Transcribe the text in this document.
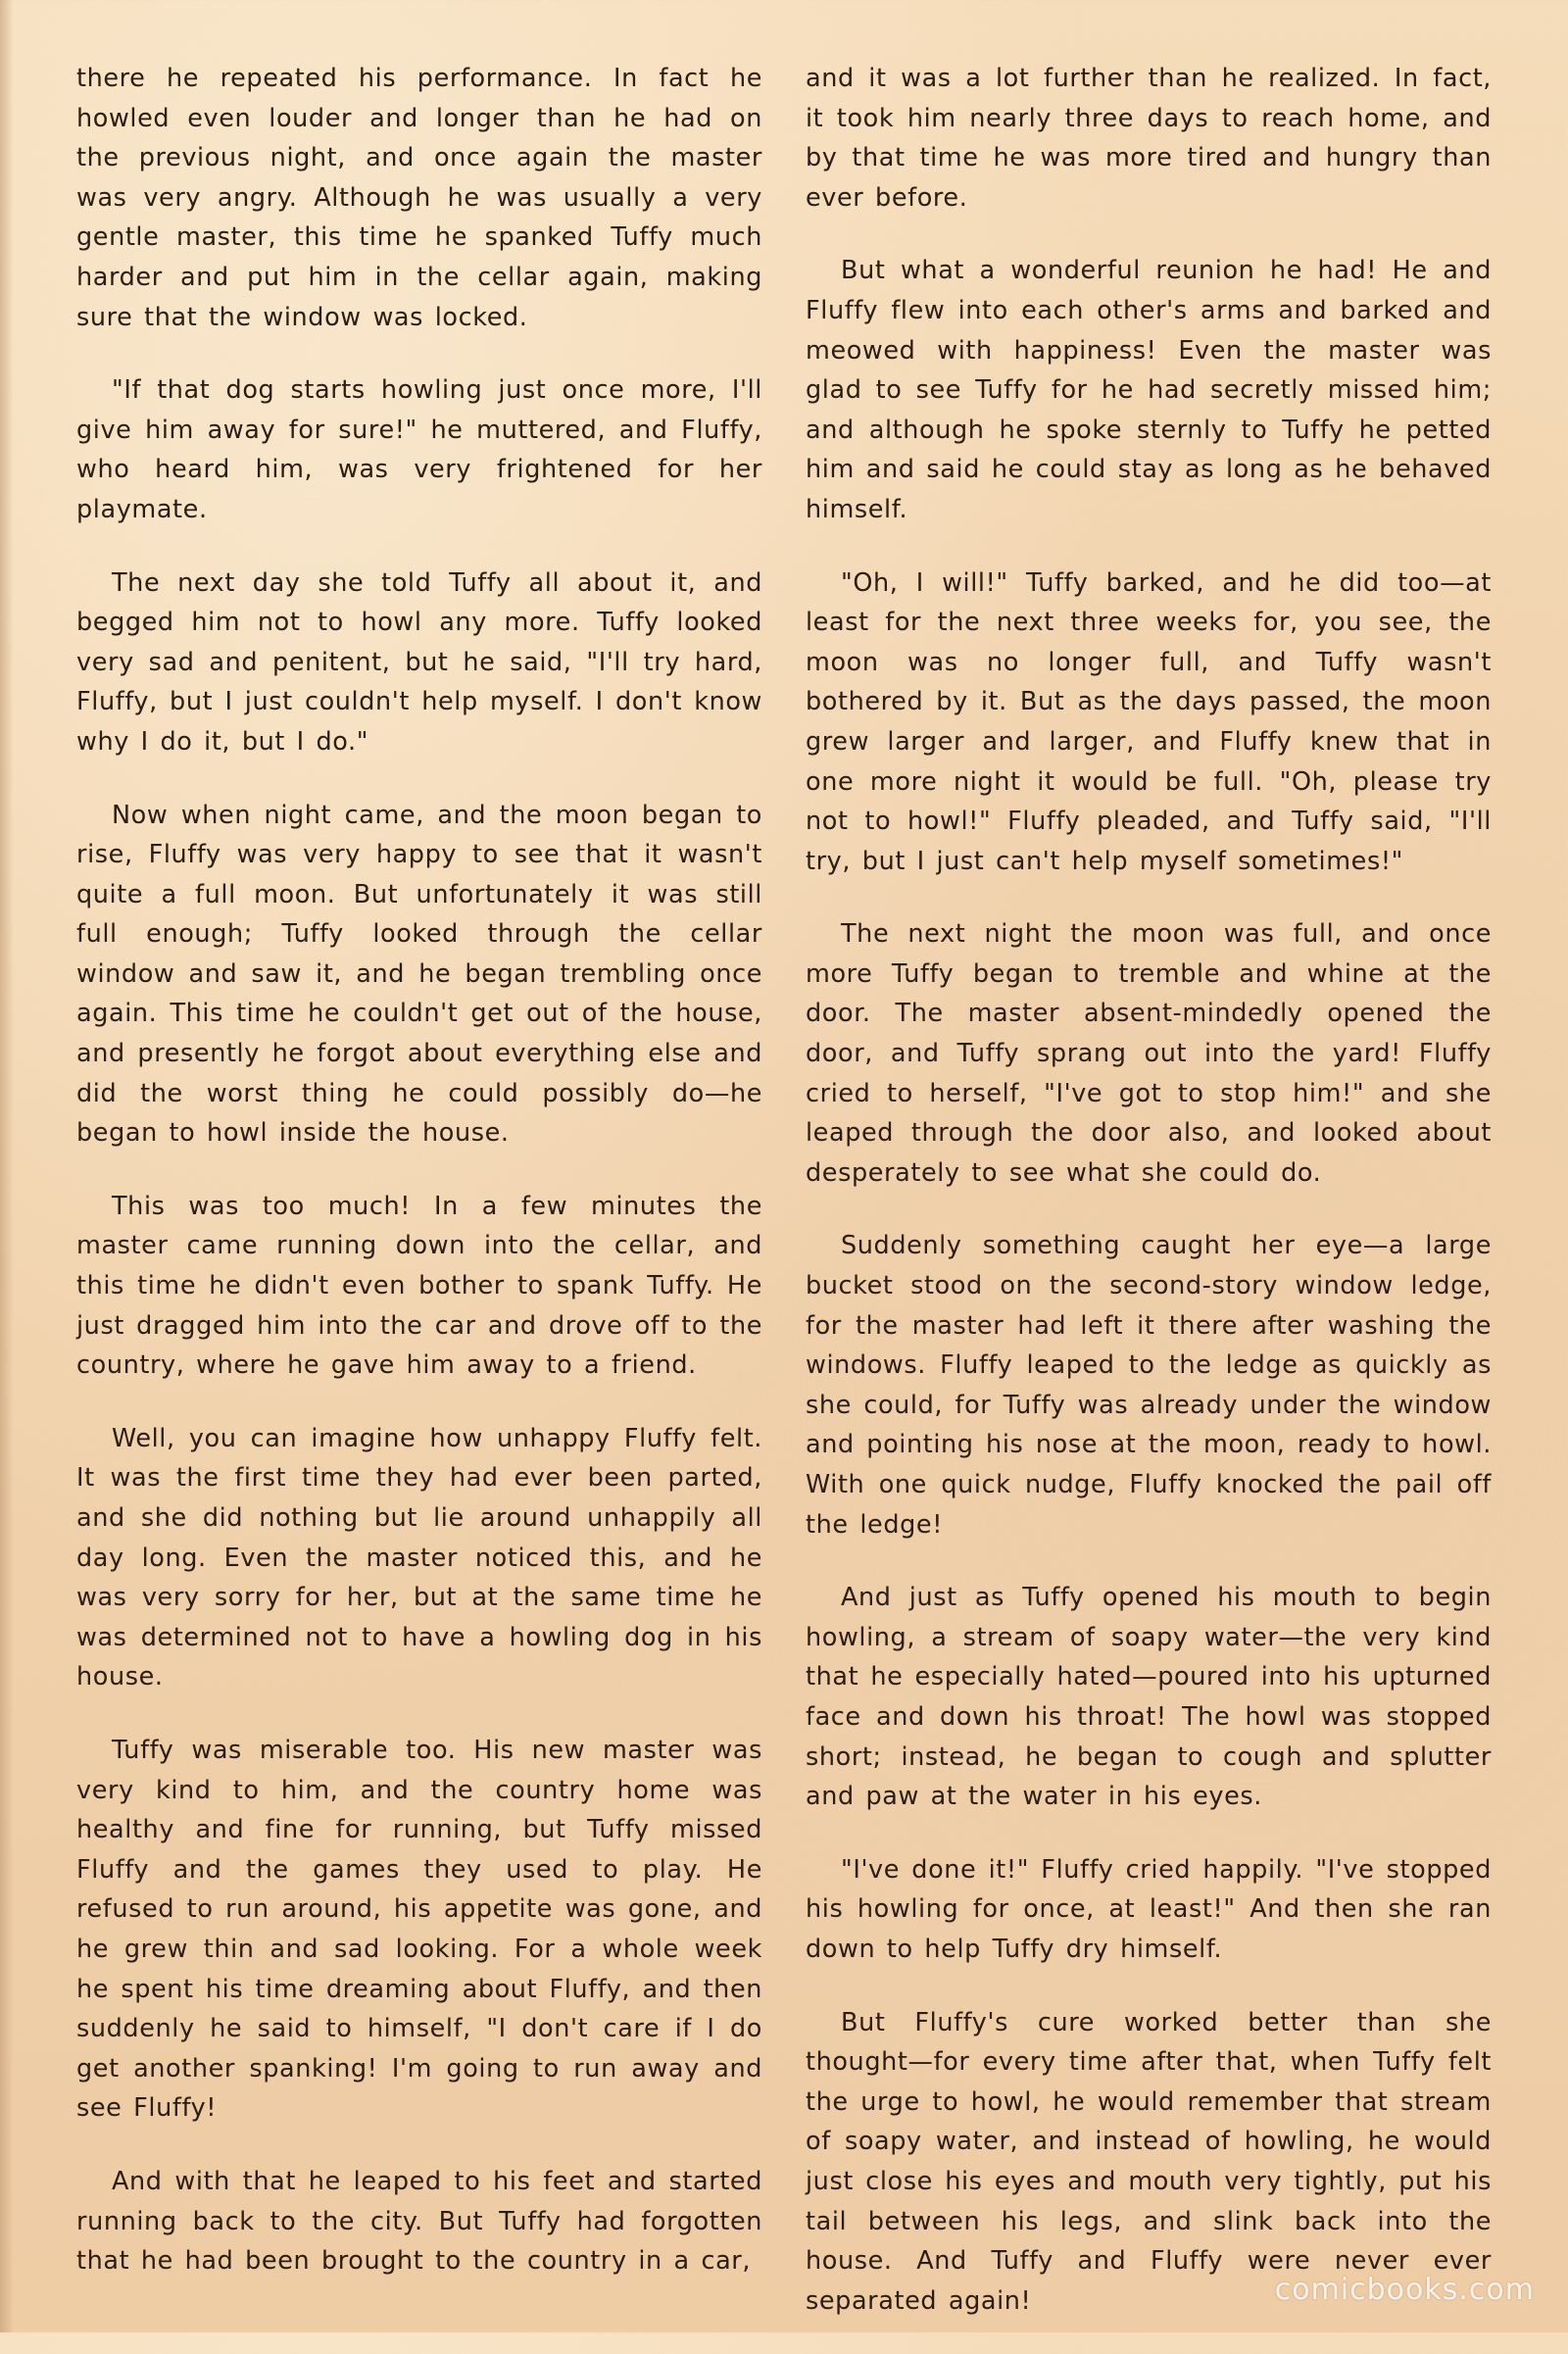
there he repeated his performance. In fact he howled even louder and longer than he had on the previous night, and once again the master was very angry. Although he was usually a very gentle master, this time he spanked Tuffy much harder and put him in the cellar again, making sure that the window was locked.

"If that dog starts howling just once more, I'll give him away for sure!" he muttered, and Fluffy, who heard him, was very frightened for her playmate.

The next day she told Tuffy all about it, and begged him not to howl any more. Tuffy looked very sad and penitent, but he said, "I'll try hard, Fluffy, but I just couldn't help myself. I don't know why I do it, but I do."

Now when night came, and the moon began to rise, Fluffy was very happy to see that it wasn't quite a full moon. But unfortunately it was still full enough; Tuffy looked through the cellar window and saw it, and he began trembling once again. This time he couldn't get out of the house, and presently he forgot about everything else and did the worst thing he could possibly do—he began to howl inside the house.

This was too much! In a few minutes the master came running down into the cellar, and this time he didn't even bother to spank Tuffy. He just dragged him into the car and drove off to the country, where he gave him away to a friend.

Well, you can imagine how unhappy Fluffy felt. It was the first time they had ever been parted, and she did nothing but lie around unhappily all day long. Even the master noticed this, and he was very sorry for her, but at the same time he was determined not to have a howling dog in his house.

Tuffy was miserable too. His new master was very kind to him, and the country home was healthy and fine for running, but Tuffy missed Fluffy and the games they used to play. He refused to run around, his appetite was gone, and he grew thin and sad looking. For a whole week he spent his time dreaming about Fluffy, and then suddenly he said to himself, "I don't care if I do get another spanking! I'm going to run away and see Fluffy!

And with that he leaped to his feet and started running back to the city. But Tuffy had forgotten that he had been brought to the country in a car,

and it was a lot further than he realized. In fact, it took him nearly three days to reach home, and by that time he was more tired and hungry than ever before.

But what a wonderful reunion he had! He and Fluffy flew into each other's arms and barked and meowed with happiness! Even the master was glad to see Tuffy for he had secretly missed him; and although he spoke sternly to Tuffy he petted him and said he could stay as long as he behaved himself.

"Oh, I will!" Tuffy barked, and he did too—at least for the next three weeks for, you see, the moon was no longer full, and Tuffy wasn't bothered by it. But as the days passed, the moon grew larger and larger, and Fluffy knew that in one more night it would be full. "Oh, please try not to howl!" Fluffy pleaded, and Tuffy said, "I'll try, but I just can't help myself sometimes!"

The next night the moon was full, and once more Tuffy began to tremble and whine at the door. The master absent-mindedly opened the door, and Tuffy sprang out into the yard! Fluffy cried to herself, "I've got to stop him!" and she leaped through the door also, and looked about desperately to see what she could do.

Suddenly something caught her eye—a large bucket stood on the second-story window ledge, for the master had left it there after washing the windows. Fluffy leaped to the ledge as quickly as she could, for Tuffy was already under the window and pointing his nose at the moon, ready to howl. With one quick nudge, Fluffy knocked the pail off the ledge!

And just as Tuffy opened his mouth to begin howling, a stream of soapy water—the very kind that he especially hated—poured into his upturned face and down his throat! The howl was stopped short; instead, he began to cough and splutter and paw at the water in his eyes.

"I've done it!" Fluffy cried happily. "I've stopped his howling for once, at least!" And then she ran down to help Tuffy dry himself.

But Fluffy's cure worked better than she thought—for every time after that, when Tuffy felt the urge to howl, he would remember that stream of soapy water, and instead of howling, he would just close his eyes and mouth very tightly, put his tail between his legs, and slink back into the house. And Tuffy and Fluffy were never ever separated again!	comicbooks.com
